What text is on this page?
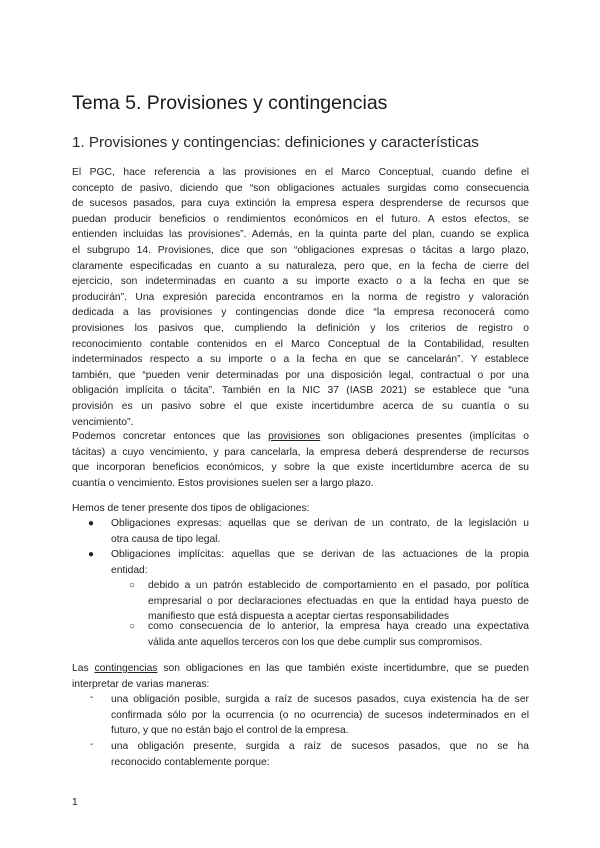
Tema 5. Provisiones y contingencias
1. Provisiones y contingencias: definiciones y características
El PGC, hace referencia a las provisiones en el Marco Conceptual, cuando define el
concepto de pasivo, diciendo que “son obligaciones actuales surgidas como consecuencia
de sucesos pasados, para cuya extinción la empresa espera desprenderse de recursos que
puedan producir beneficios o rendimientos económicos en el futuro. A estos efectos, se
entienden incluidas las provisiones”. Además, en la quinta parte del plan, cuando se explica
el subgrupo 14. Provisiones, dice que son “obligaciones expresas o tácitas a largo plazo,
claramente especificadas en cuanto a su naturaleza, pero que, en la fecha de cierre del
ejercicio, son indeterminadas en cuanto a su importe exacto o a la fecha en que se
producirán”. Una expresión parecida encontramos en la norma de registro y valoración
dedicada a las provisiones y contingencias donde dice “la empresa reconocerá como
provisiones los pasivos que, cumpliendo la definición y los criterios de registro o
reconocimiento contable contenidos en el Marco Conceptual de la Contabilidad, resulten
indeterminados respecto a su importe o a la fecha en que se cancelarán”. Y establece
también, que “pueden venir determinadas por una disposición legal, contractual o por una
obligación implícita o tácita”. También en la NIC 37 (IASB 2021) se establece que “una
provisión es un pasivo sobre el que existe incertidumbre acerca de su cuantía o su
vencimiento”.
Podemos concretar entonces que las provisiones son obligaciones presentes (implícitas o
tácitas) a cuyo vencimiento, y para cancelarla, la empresa deberá desprenderse de recursos
que incorporan beneficios económicos, y sobre la que existe incertidumbre acerca de su
cuantía o vencimiento. Estos provisiones suelen ser a largo plazo.
Hemos de tener presente dos tipos de obligaciones:
● Obligaciones expresas: aquellas que se derivan de un contrato, de la legislación u
otra causa de tipo legal.
● Obligaciones implícitas: aquellas que se derivan de las actuaciones de la propia
entidad:
○ debido a un patrón establecido de comportamiento en el pasado, por política
empresarial o por declaraciones efectuadas en que la entidad haya puesto de
manifiesto que está dispuesta a aceptar ciertas responsabilidades
○ como consecuencia de lo anterior, la empresa haya creado una expectativa
válida ante aquellos terceros con los que debe cumplir sus compromisos.
Las contingencias son obligaciones en las que también existe incertidumbre, que se pueden
interpretar de varias maneras:
- una obligación posible, surgida a raíz de sucesos pasados, cuya existencia ha de ser
confirmada sólo por la ocurrencia (o no ocurrencia) de sucesos indeterminados en el
futuro, y que no están bajo el control de la empresa.
- una obligación presente, surgida a raíz de sucesos pasados, que no se ha
reconocido contablemente porque:
1
